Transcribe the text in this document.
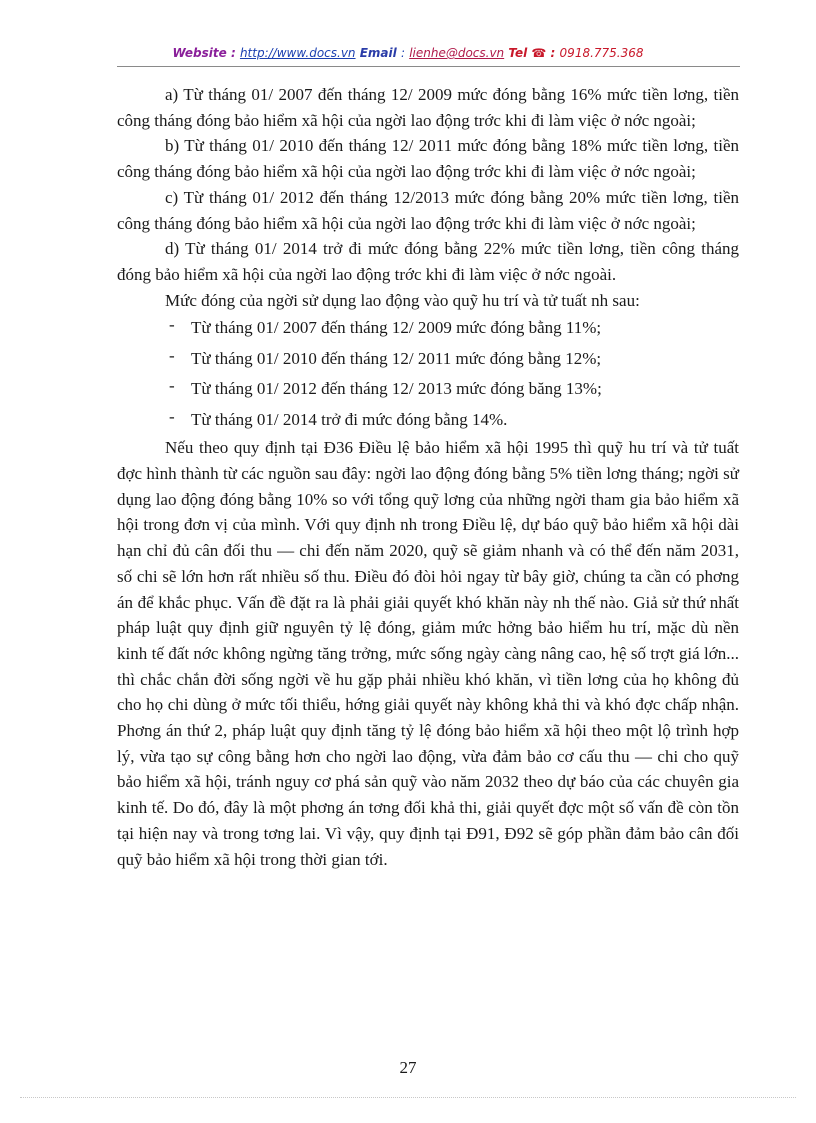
Website : http://www.docs.vn Email : lienhe@docs.vn Tel ☎ : 0918.775.368

a) Từ tháng 01/ 2007 đến tháng 12/ 2009 mức đóng bằng 16% mức tiền lơng, tiền công tháng đóng bảo hiểm xã hội của ngời lao động trớc khi đi làm việc ở nớc ngoài;

b) Từ tháng 01/ 2010 đến tháng 12/ 2011 mức đóng bằng 18% mức tiền lơng, tiền công tháng đóng bảo hiểm xã hội của ngời lao động trớc khi đi làm việc ở nớc ngoài;

c) Từ tháng 01/ 2012 đến tháng 12/2013 mức đóng bằng 20% mức tiền lơng, tiền công tháng đóng bảo hiểm xã hội của ngời lao động trớc khi đi làm việc ở nớc ngoài;

d) Từ tháng 01/ 2014 trở đi mức đóng bằng 22% mức tiền lơng, tiền công tháng đóng bảo hiểm xã hội của ngời lao động trớc khi đi làm việc ở nớc ngoài.

Mức đóng của ngời sử dụng lao động vào quỹ hu trí và tử tuất nh sau:

- Từ tháng 01/ 2007 đến tháng 12/ 2009 mức đóng bằng 11%;
- Từ tháng 01/ 2010 đến tháng 12/ 2011 mức đóng bằng 12%;
- Từ tháng 01/ 2012 đến tháng 12/ 2013 mức đóng băng 13%;
- Từ tháng 01/ 2014 trở đi mức đóng bằng 14%.

Nếu theo quy định tại Đ36 Điều lệ bảo hiểm xã hội 1995 thì quỹ hu trí và tử tuất đợc hình thành từ các nguồn sau đây: ngời lao động đóng bằng 5% tiền lơng tháng; ngời sử dụng lao động đóng bằng 10% so với tổng quỹ lơng của những ngời tham gia bảo hiểm xã hội trong đơn vị của mình. Với quy định nh trong Điều lệ, dự báo quỹ bảo hiểm xã hội dài hạn chỉ đủ cân đối thu — chi đến năm 2020, quỹ sẽ giảm nhanh và có thể đến năm 2031, số chi sẽ lớn hơn rất nhiều số thu. Điều đó đòi hỏi ngay từ bây giờ, chúng ta cần có phơng án để khắc phục. Vấn đề đặt ra là phải giải quyết khó khăn này nh thế nào. Giả sử thứ nhất pháp luật quy định giữ nguyên tỷ lệ đóng, giảm mức hởng bảo hiểm hu trí, mặc dù nền kinh tế đất nớc không ngừng tăng trởng, mức sống ngày càng nâng cao, hệ số trợt giá lớn... thì chắc chắn đời sống ngời về hu gặp phải nhiều khó khăn, vì tiền lơng của họ không đủ cho họ chi dùng ở mức tối thiểu, hớng giải quyết này không khả thi và khó đợc chấp nhận. Phơng án thứ 2, pháp luật quy định tăng tỷ lệ đóng bảo hiểm xã hội theo một lộ trình hợp lý, vừa tạo sự công bằng hơn cho ngời lao động, vừa đảm bảo cơ cấu thu — chi cho quỹ bảo hiểm xã hội, tránh nguy cơ phá sản quỹ vào năm 2032 theo dự báo của các chuyên gia kinh tế. Do đó, đây là một phơng án tơng đối khả thi, giải quyết đợc một số vấn đề còn tồn tại hiện nay và trong tơng lai. Vì vậy, quy định tại Đ91, Đ92 sẽ góp phần đảm bảo cân đối quỹ bảo hiểm xã hội trong thời gian tới.

27
